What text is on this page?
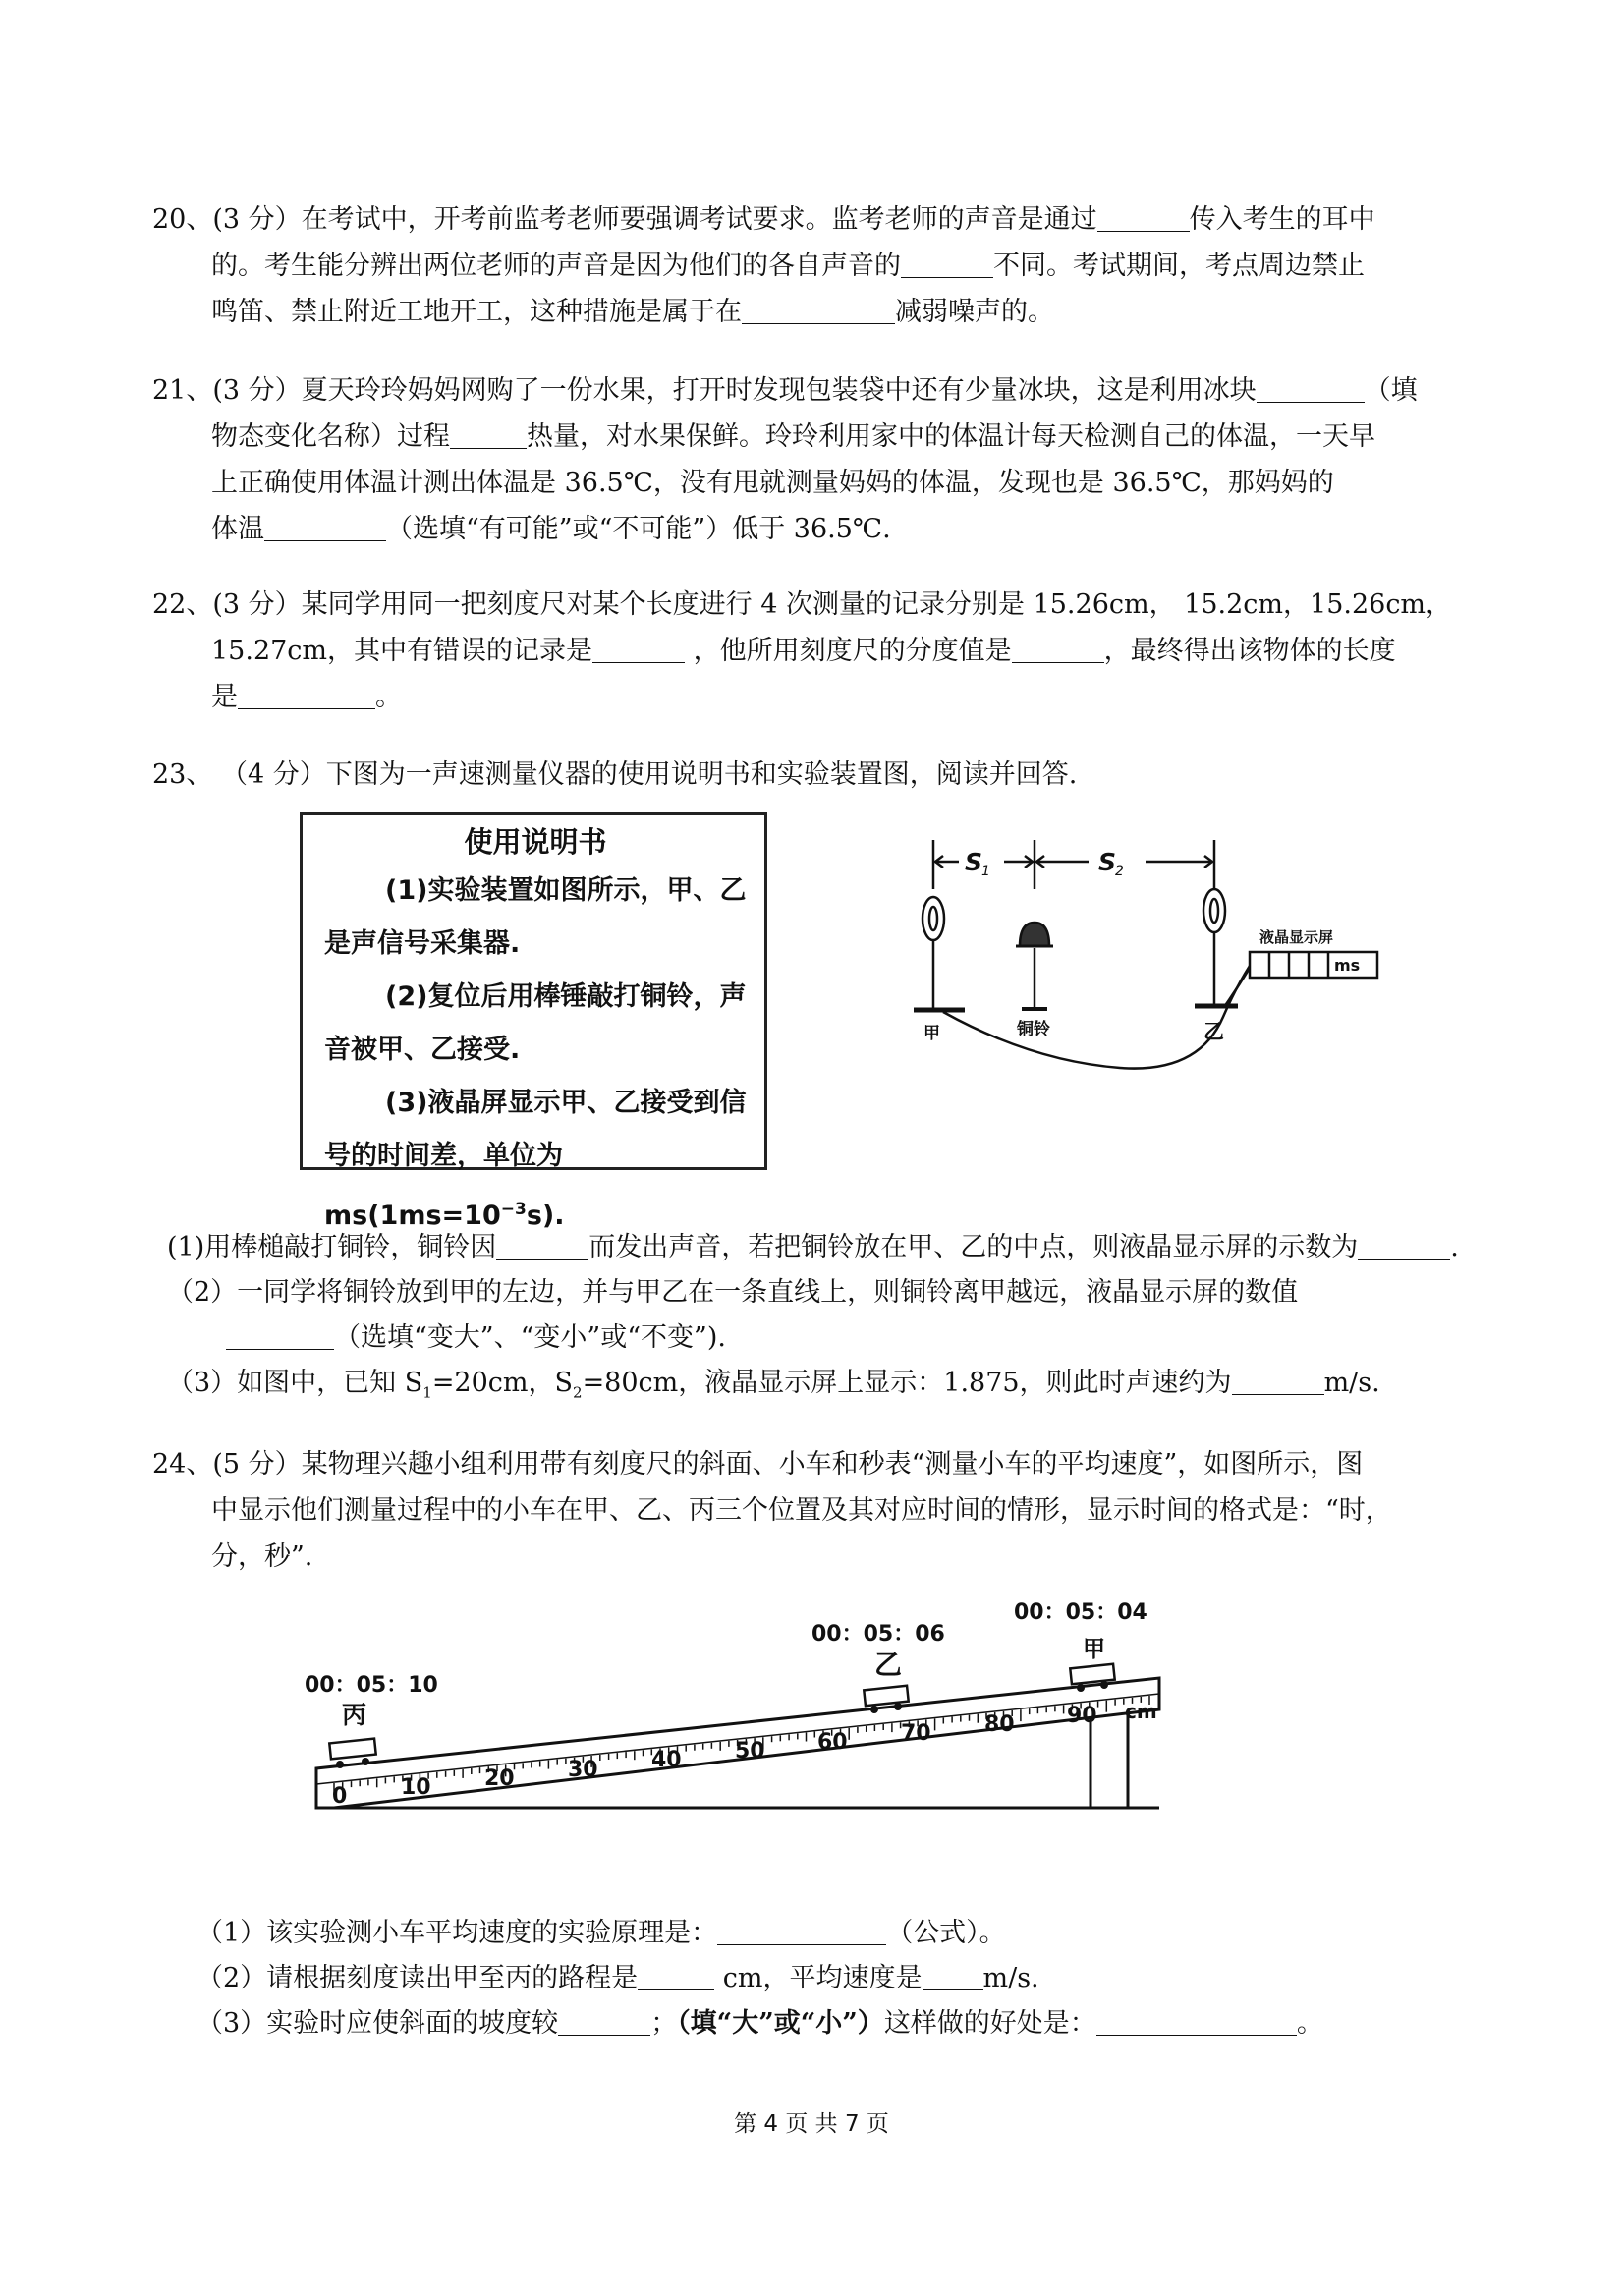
20、(3 分）在考试中，开考前监考老师要强调考试要求。监考老师的声音是通过	传入考生的耳中

的。考生能分辨出两位老师的声音是因为他们的各自声音的	不同。考试期间，考点周边禁止

鸣笛、禁止附近工地开工，这种措施是属于在	减弱噪声的。

21、(3 分）夏天玲玲妈妈网购了一份水果，打开时发现包装袋中还有少量冰块，这是利用冰块	（填

物态变化名称）过程	热量，对水果保鲜。玲玲利用家中的体温计每天检测自己的体温，一天早

上正确使用体温计测出体温是 36.5℃，没有甩就测量妈妈的体温，发现也是 36.5℃，那妈妈的

体温	（选填“有可能”或“不可能”）低于 36.5℃.

22、(3 分）某同学用同一把刻度尺对某个长度进行 4 次测量的记录分别是 15.26cm， 15.2cm，15.26cm，

15.27cm，其中有错误的记录是	，他所用刻度尺的分度值是	，最终得出该物体的长度

是	。

23、 （4 分）下图为一声速测量仪器的使用说明书和实验装置图，阅读并回答.

使用说明书

(1)实验装置如图所示，甲、乙

是声信号采集器.

(2)复位后用棒锤敲打铜铃，声

音被甲、乙接受.

(3)液晶屏显示甲、乙接受到信

号的时间差，单位为 $ms(1ms=10^{-3}s)$.

S
1	S
2
液晶显示屏
ms
甲	铜铃	乙

(1)用棒槌敲打铜铃，铜铃因	而发出声音，若把铜铃放在甲、乙的中点，则液晶显示屏的示数为	.

（2）一同学将铜铃放到甲的左边，并与甲乙在一条直线上，则铜铃离甲越远，液晶显示屏的数值

（选填“变大”、“变小”或“不变”).

（3）如图中，已知 $S_1=20cm$，$S_2=80cm$，液晶显示屏上显示：1.875，则此时声速约为	m/s.

24、(5 分）某物理兴趣小组利用带有刻度尺的斜面、小车和秒表“测量小车的平均速度”，如图所示，图

中显示他们测量过程中的小车在甲、乙、丙三个位置及其对应时间的情形，显示时间的格式是：“时，

分，秒”.

0 10 20 30 40 50 60 70 80 90 cm
00：05：10
丙
00：05：06
乙
00：05：04
甲

（1）该实验测小车平均速度的实验原理是：	（公式）。

（2）请根据刻度读出甲至丙的路程是	cm，平均速度是 m/s.

（3）实验时应使斜面的坡度较	；（填“大”或“小”）这样做的好处是：	。

第 4 页 共 7 页
